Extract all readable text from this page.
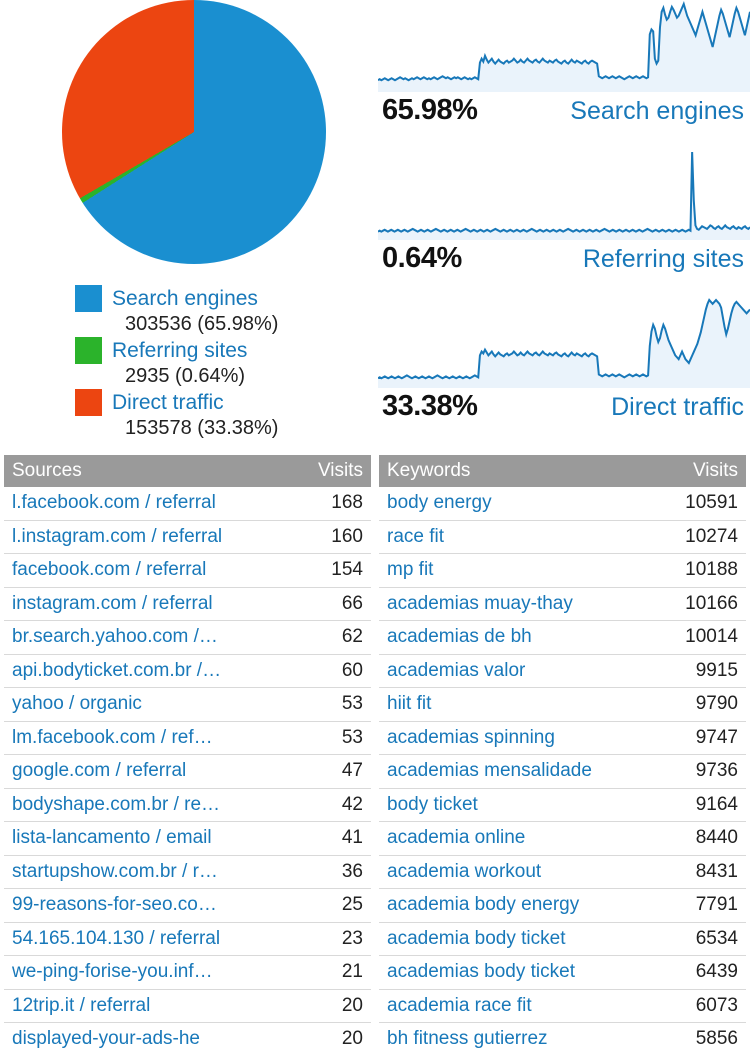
Search engines
303536 (65.98%)
Referring sites
2935 (0.64%)
Direct traffic
153578 (33.38%)
65.98%	Search engines
0.64%	Referring sites
33.38%	Direct traffic
Sources	Visits
l.facebook.com / referral	168
l.instagram.com / referral	160
facebook.com / referral	154
instagram.com / referral	66
br.search.yahoo.com /…	62
api.bodyticket.com.br /…	60
yahoo / organic	53
lm.facebook.com / ref…	53
google.com / referral	47
bodyshape.com.br / re…	42
lista-lancamento / email	41
startupshow.com.br / r…	36
99-reasons-for-seo.co…	25
54.165.104.130 / referral	23
we-ping-forise-you.inf…	21
12trip.it / referral	20
displayed-your-ads-he	20
Keywords	Visits
body energy	10591
race fit	10274
mp fit	10188
academias muay-thay	10166
academias de bh	10014
academias valor	9915
hiit fit	9790
academias spinning	9747
academias mensalidade	9736
body ticket	9164
academia online	8440
academia workout	8431
academia body energy	7791
academia body ticket	6534
academias body ticket	6439
academia race fit	6073
bh fitness gutierrez	5856
